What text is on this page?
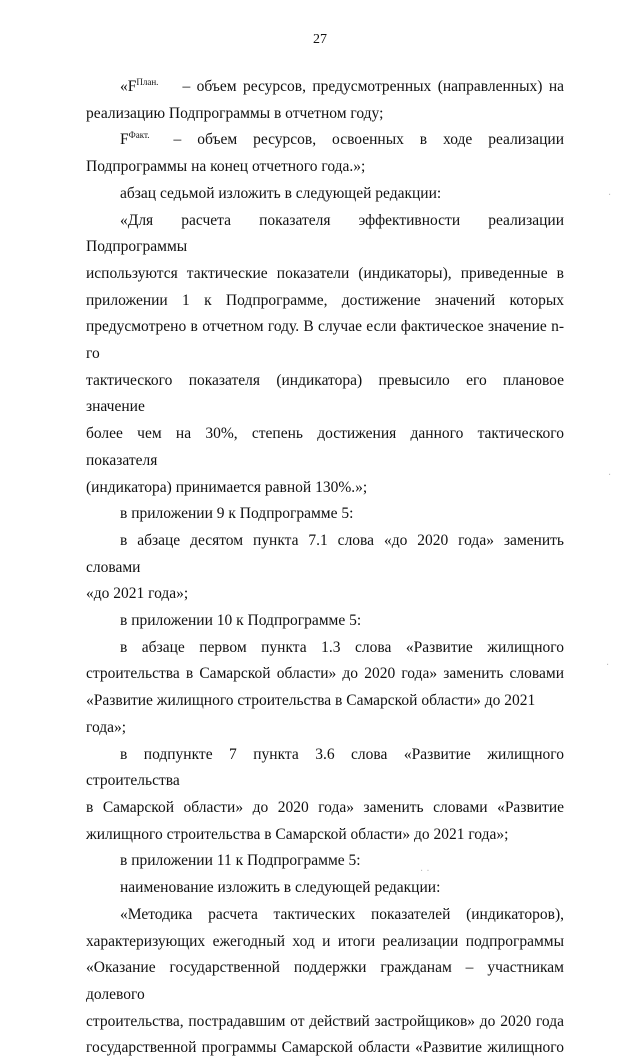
27

«$F^{План.}$ – объем ресурсов, предусмотренных (направленных) на

реализацию Подпрограммы в отчетном году;

$F^{Факт.}$ – объем ресурсов, освоенных в ходе реализации

Подпрограммы на конец отчетного года.»;

абзац седьмой изложить в следующей редакции:

«Для расчета показателя эффективности реализации Подпрограммы

используются тактические показатели (индикаторы), приведенные в

приложении 1 к Подпрограмме, достижение значений которых

предусмотрено в отчетном году. В случае если фактическое значение n-го

тактического показателя (индикатора) превысило его плановое значение

более чем на 30%, степень достижения данного тактического показателя

(индикатора) принимается равной 130%.»;

в приложении 9 к Подпрограмме 5:

в абзаце десятом пункта 7.1 слова «до 2020 года» заменить словами

«до 2021 года»;

в приложении 10 к Подпрограмме 5:

в абзаце первом пункта 1.3 слова «Развитие жилищного

строительства в Самарской области» до 2020 года» заменить словами

«Развитие жилищного строительства в Самарской области» до 2021 года»;

в подпункте 7 пункта 3.6 слова «Развитие жилищного строительства

в Самарской области» до 2020 года» заменить словами «Развитие

жилищного строительства в Самарской области» до 2021 года»;

в приложении 11 к Подпрограмме 5:

наименование изложить в следующей редакции:

«Методика расчета тактических показателей (индикаторов),

характеризующих ежегодный ход и итоги реализации подпрограммы

«Оказание государственной поддержки гражданам – участникам долевого

строительства, пострадавшим от действий застройщиков» до 2020 года

государственной программы Самарской области «Развитие жилищного

·
·
·
· ·
